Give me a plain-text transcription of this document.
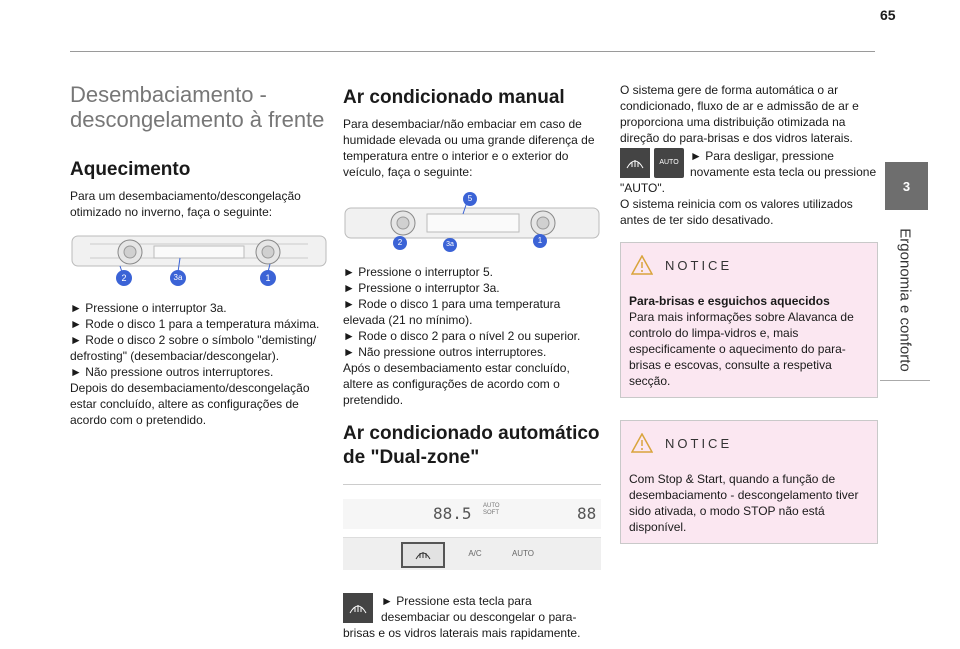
65
3
Ergonomia e conforto
Desembaciamento - descongelamento à frente
Aquecimento

Para um desembaciamento/descongelação otimizado no inverno, faça o seguinte:

2	3a	1

► Pressione o interruptor 3a.

► Rode o disco 1 para a temperatura máxima.

► Rode o disco 2 sobre o símbolo "demisting/ defrosting" (desembaciar/descongelar).

► Não pressione outros interruptores.

Depois do desembaciamento/descongelação estar concluído, altere as configurações de acordo com o pretendido.

Ar condicionado manual

Para desembaciar/não embaciar em caso de humidade elevada ou uma grande diferença de temperatura entre o interior e o exterior do veículo, faça o seguinte:

5
2	3a	1

► Pressione o interruptor 5.

► Pressione o interruptor 3a.

► Rode o disco 1 para uma temperatura elevada (21 no mínimo).

► Rode o disco 2 para o nível 2 ou superior.

► Não pressione outros interruptores.

Após o desembaciamento estar concluído, altere as configurações de acordo com o pretendido.

Ar condicionado automático de "Dual-zone"
88.5 AUTO SOFT	88
A/C	AUTO

► Pressione esta tecla para desembaciar ou descongelar o para-brisas e os vidros laterais mais rapidamente.

O sistema gere de forma automática o ar condicionado, fluxo de ar e admissão de ar e proporciona uma distribuição otimizada na direção do para-brisas e dos vidros laterais.

AUTO ► Para desligar, pressione novamente esta tecla ou pressione "AUTO".

O sistema reinicia com os valores utilizados antes de ter sido desativado.

NOTICE

Para-brisas e esguichos aquecidos

Para mais informações sobre Alavanca de controlo do limpa-vidros e, mais especificamente o aquecimento do para-brisas e escovas, consulte a respetiva secção.

NOTICE

Com Stop & Start, quando a função de desembaciamento - descongelamento tiver sido ativada, o modo STOP não está disponível.
